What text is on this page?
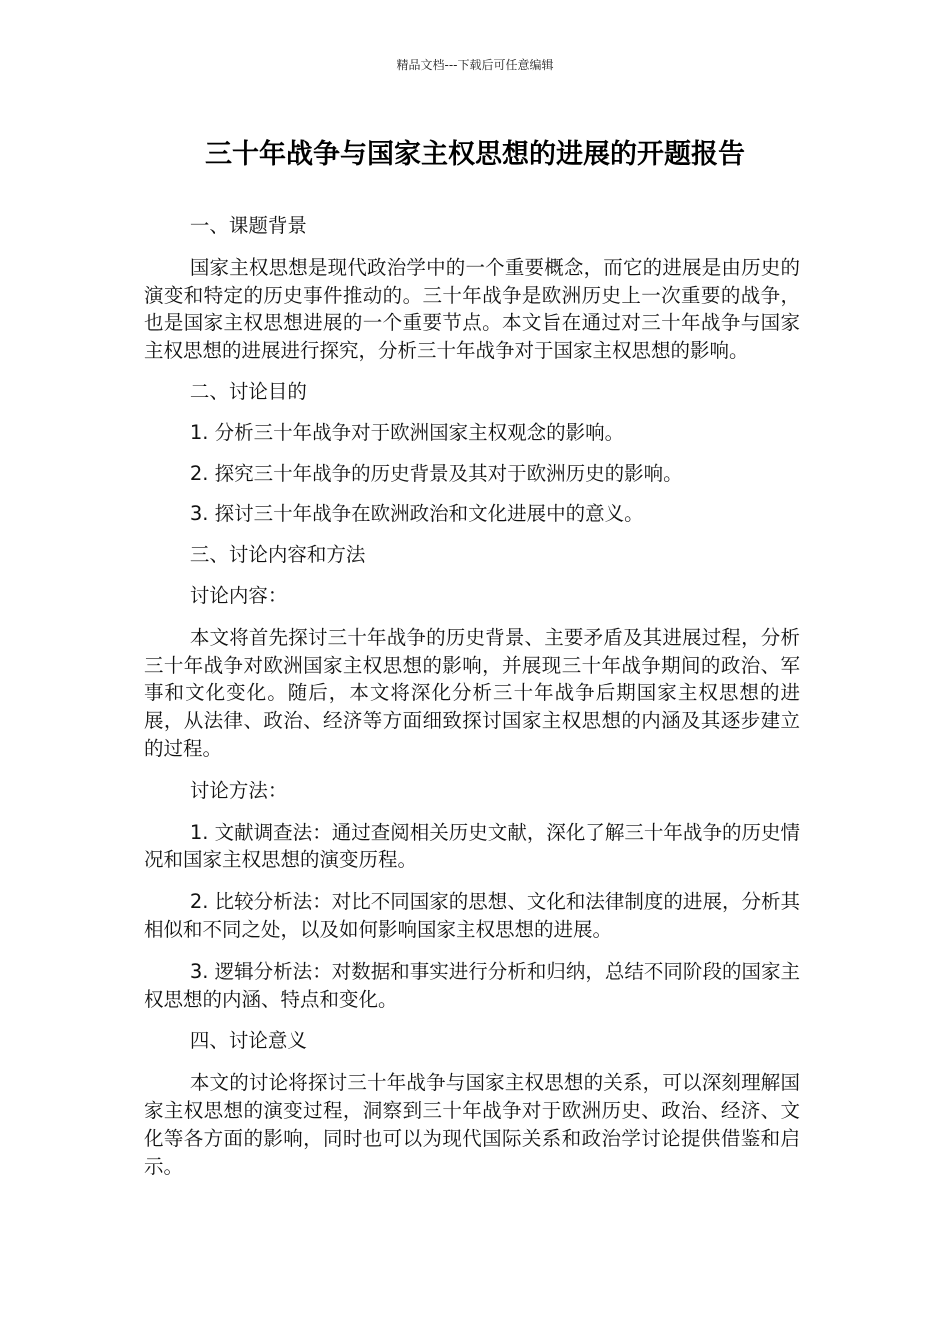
精品文档---下载后可任意编辑
三十年战争与国家主权思想的进展的开题报告

一、课题背景

国家主权思想是现代政治学中的一个重要概念，而它的进展是由历史的演变和特定的历史事件推动的。三十年战争是欧洲历史上一次重要的战争，也是国家主权思想进展的一个重要节点。本文旨在通过对三十年战争与国家主权思想的进展进行探究，分析三十年战争对于国家主权思想的影响。

二、讨论目的

1. 分析三十年战争对于欧洲国家主权观念的影响。

2. 探究三十年战争的历史背景及其对于欧洲历史的影响。

3. 探讨三十年战争在欧洲政治和文化进展中的意义。

三、讨论内容和方法

讨论内容：

本文将首先探讨三十年战争的历史背景、主要矛盾及其进展过程，分析三十年战争对欧洲国家主权思想的影响，并展现三十年战争期间的政治、军事和文化变化。随后，本文将深化分析三十年战争后期国家主权思想的进展，从法律、政治、经济等方面细致探讨国家主权思想的内涵及其逐步建立的过程。

讨论方法：

1. 文献调查法：通过查阅相关历史文献，深化了解三十年战争的历史情况和国家主权思想的演变历程。

2. 比较分析法：对比不同国家的思想、文化和法律制度的进展，分析其相似和不同之处，以及如何影响国家主权思想的进展。

3. 逻辑分析法：对数据和事实进行分析和归纳，总结不同阶段的国家主权思想的内涵、特点和变化。

四、讨论意义

本文的讨论将探讨三十年战争与国家主权思想的关系，可以深刻理解国家主权思想的演变过程，洞察到三十年战争对于欧洲历史、政治、经济、文化等各方面的影响，同时也可以为现代国际关系和政治学讨论提供借鉴和启示。
